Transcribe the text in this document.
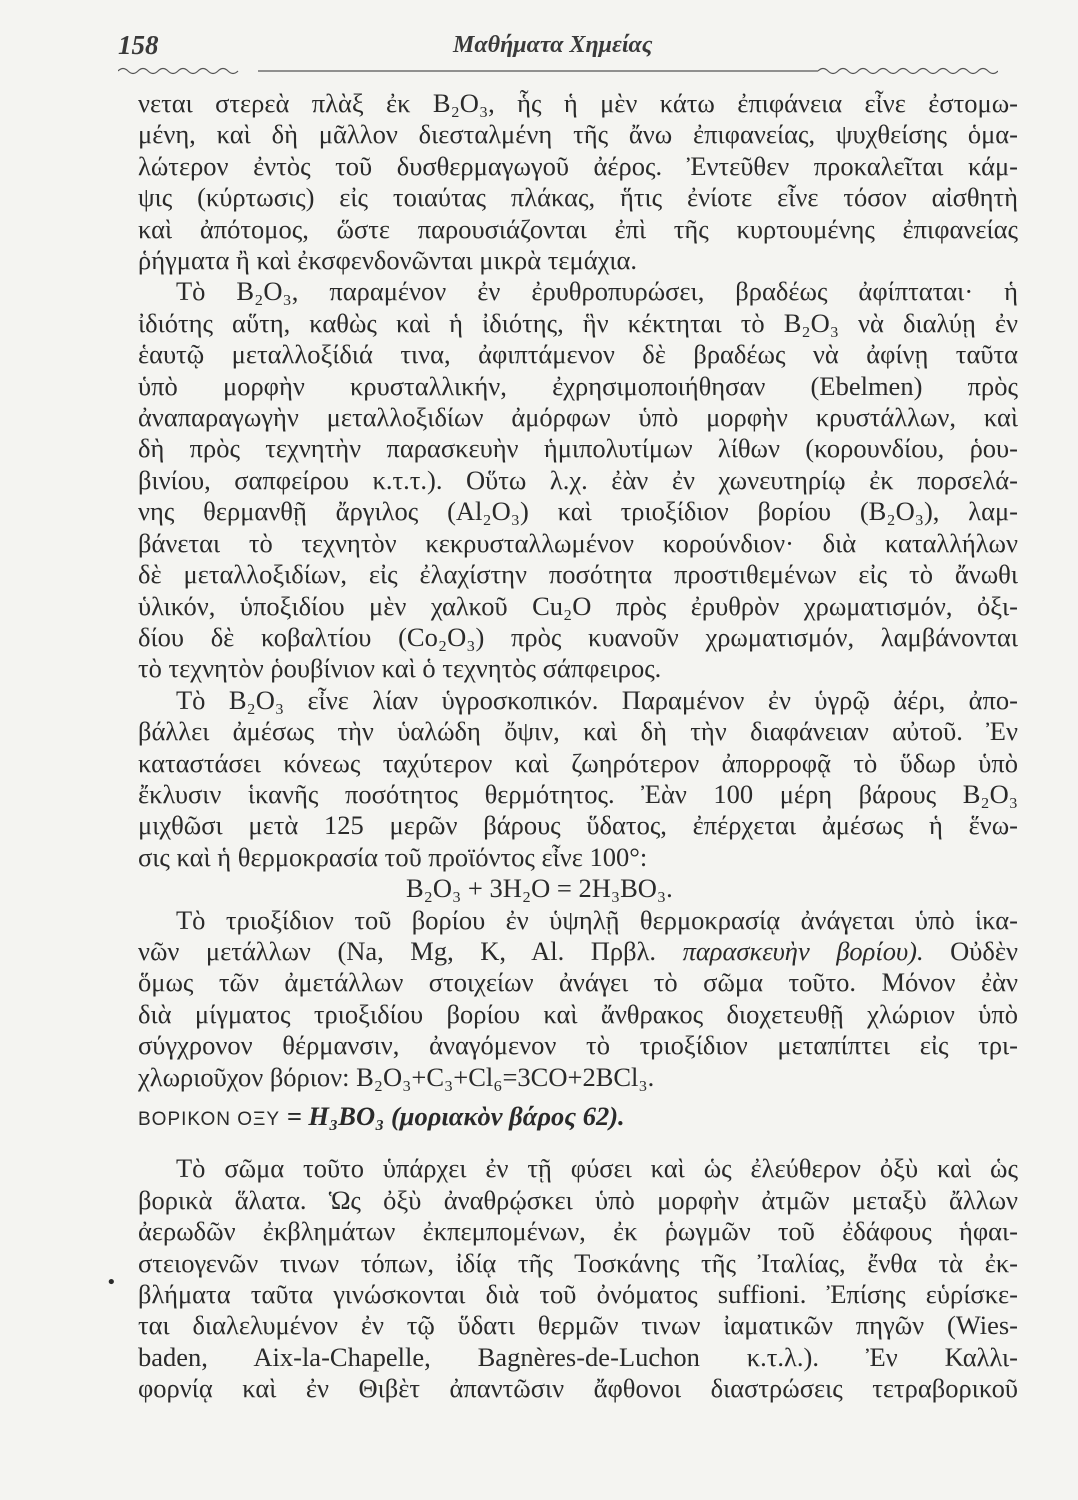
158	Μαθήματα Χημείας
νεται στερεὰ πλὰξ ἐκ B₂O₃, ἧς ἡ μὲν κάτω ἐπιφάνεια εἶνε ἐστομω-
μένη, καὶ δὴ μᾶλλον διεσταλμένη τῆς ἄνω ἐπιφανείας, ψυχθείσης ὁμα-
λώτερον ἐντὸς τοῦ δυσθερμαγωγοῦ ἀέρος. Ἐντεῦθεν προκαλεῖται κάμ-
ψις (κύρτωσις) εἰς τοιαύτας πλάκας, ἥτις ἐνίοτε εἶνε τόσον αἰσθητὴ
καὶ ἀπότομος, ὥστε παρουσιάζονται ἐπὶ τῆς κυρτουμένης ἐπιφανείας
ῥήγματα ἢ καὶ ἐκσφενδονῶνται μικρὰ τεμάχια.
Τὸ B₂O₃, παραμένον ἐν ἐρυθροπυρώσει, βραδέως ἀφίπταται· ἡ
ἰδιότης αὕτη, καθὼς καὶ ἡ ἰδιότης, ἣν κέκτηται τὸ B₂O₃ νὰ διαλύῃ ἐν
ἑαυτῷ μεταλλοξίδιά τινα, ἀφιπτάμενον δὲ βραδέως νὰ ἀφίνῃ ταῦτα
ὑπὸ μορφὴν κρυσταλλικήν, ἐχρησιμοποιήθησαν (Ebelmen) πρὸς
ἀναπαραγωγὴν μεταλλοξιδίων ἀμόρφων ὑπὸ μορφὴν κρυστάλλων, καὶ
δὴ πρὸς τεχνητὴν παρασκευὴν ἡμιπολυτίμων λίθων (κορουνδίου, ῥου-
βινίου, σαπφείρου κ.τ.τ.). Οὕτω λ.χ. ἐὰν ἐν χωνευτηρίῳ ἐκ πορσελά-
νης θερμανθῇ ἄργιλος (Al₂O₃) καὶ τριοξίδιον βορίου (B₂O₃), λαμ-
βάνεται τὸ τεχνητὸν κεκρυσταλλωμένον κορούνδιον· διὰ καταλλήλων
δὲ μεταλλοξιδίων, εἰς ἐλαχίστην ποσότητα προστιθεμένων εἰς τὸ ἄνωθι
ὑλικόν, ὑποξιδίου μὲν χαλκοῦ Cu₂O πρὸς ἐρυθρὸν χρωματισμόν, ὀξι-
δίου δὲ κοβαλτίου (Co₂O₃) πρὸς κυανοῦν χρωματισμόν, λαμβάνονται
τὸ τεχνητὸν ῥουβίνιον καὶ ὁ τεχνητὸς σάπφειρος.
Τὸ B₂O₃ εἶνε λίαν ὑγροσκοπικόν. Παραμένον ἐν ὑγρῷ ἀέρι, ἀπο-
βάλλει ἀμέσως τὴν ὑαλώδη ὄψιν, καὶ δὴ τὴν διαφάνειαν αὐτοῦ. Ἐν
καταστάσει κόνεως ταχύτερον καὶ ζωηρότερον ἀπορροφᾷ τὸ ὕδωρ ὑπὸ
ἔκλυσιν ἱκανῆς ποσότητος θερμότητος. Ἐὰν 100 μέρη βάρους B₂O₃
μιχθῶσι μετὰ 125 μερῶν βάρους ὕδατος, ἐπέρχεται ἀμέσως ἡ ἕνω-
σις καὶ ἡ θερμοκρασία τοῦ προϊόντος εἶνε 100°:
B₂O₃ + 3H₂O = 2H₃BO₃.
Τὸ τριοξίδιον τοῦ βορίου ἐν ὑψηλῇ θερμοκρασίᾳ ἀνάγεται ὑπὸ ἱκα-
νῶν μετάλλων (Na, Mg, K, Al. Πρβλ. παρασκευὴν βορίου). Οὐδὲν
ὅμως τῶν ἀμετάλλων στοιχείων ἀνάγει τὸ σῶμα τοῦτο. Μόνον ἐὰν
διὰ μίγματος τριοξιδίου βορίου καὶ ἄνθρακος διοχετευθῇ χλώριον ὑπὸ
σύγχρονον θέρμανσιν, ἀναγόμενον τὸ τριοξίδιον μεταπίπτει εἰς τρι-
χλωριοῦχον βόριον: B₂O₃+C₃+Cl₆=3CO+2BCl₃.
ΒΟΡΙΚΟΝ ΟΞΥ = H₃BO₃ (μοριακὸν βάρος 62).
Τὸ σῶμα τοῦτο ὑπάρχει ἐν τῇ φύσει καὶ ὡς ἐλεύθερον ὀξὺ καὶ ὡς
βορικὰ ἅλατα. Ὡς ὀξὺ ἀναθρῴσκει ὑπὸ μορφὴν ἀτμῶν μεταξὺ ἄλλων
ἀερωδῶν ἐκβλημάτων ἐκπεμπομένων, ἐκ ῥωγμῶν τοῦ ἐδάφους ἡφαι-
στειογενῶν τινων τόπων, ἰδίᾳ τῆς Τοσκάνης τῆς Ἰταλίας, ἔνθα τὰ ἐκ-
βλήματα ταῦτα γινώσκονται διὰ τοῦ ὀνόματος suffioni. Ἐπίσης εὑρίσκε-
ται διαλελυμένον ἐν τῷ ὕδατι θερμῶν τινων ἰαματικῶν πηγῶν (Wies-
baden, Aix-la-Chapelle, Bagnères-de-Luchon κ.τ.λ.). Ἐν Καλλι-
φορνίᾳ καὶ ἐν Θιβὲτ ἀπαντῶσιν ἄφθονοι διαστρώσεις τετραβορικοῦ
•
